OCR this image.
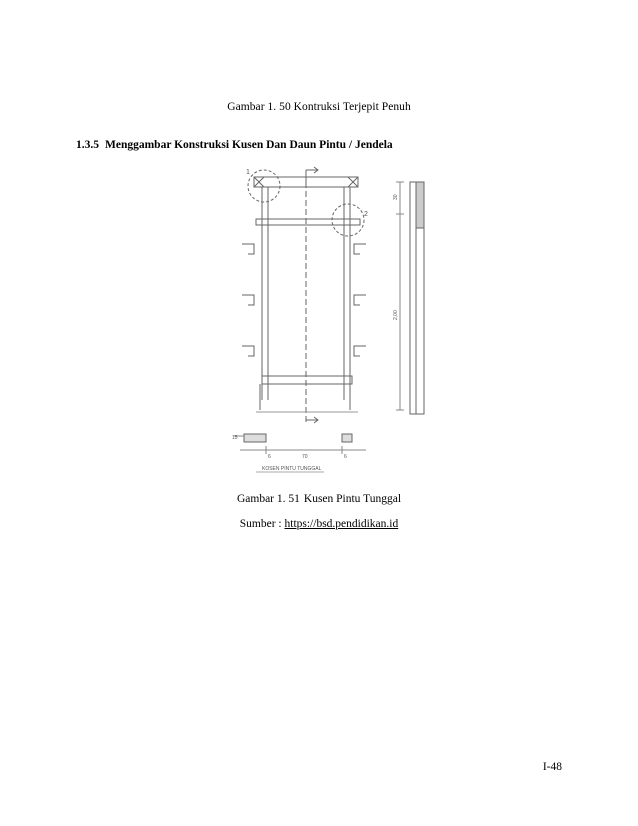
Gambar 1. 50 Kontruksi Terjepit Penuh
1.3.5 Menggambar Konstruksi Kusen Dan Daun Pintu / Jendela
1
2
30
2,00
15
70
6	6
KOSEN PINTU TUNGGAL
Gambar 1. 51 Kusen Pintu Tunggal
Sumber : https://bsd.pendidikan.id
I-48
